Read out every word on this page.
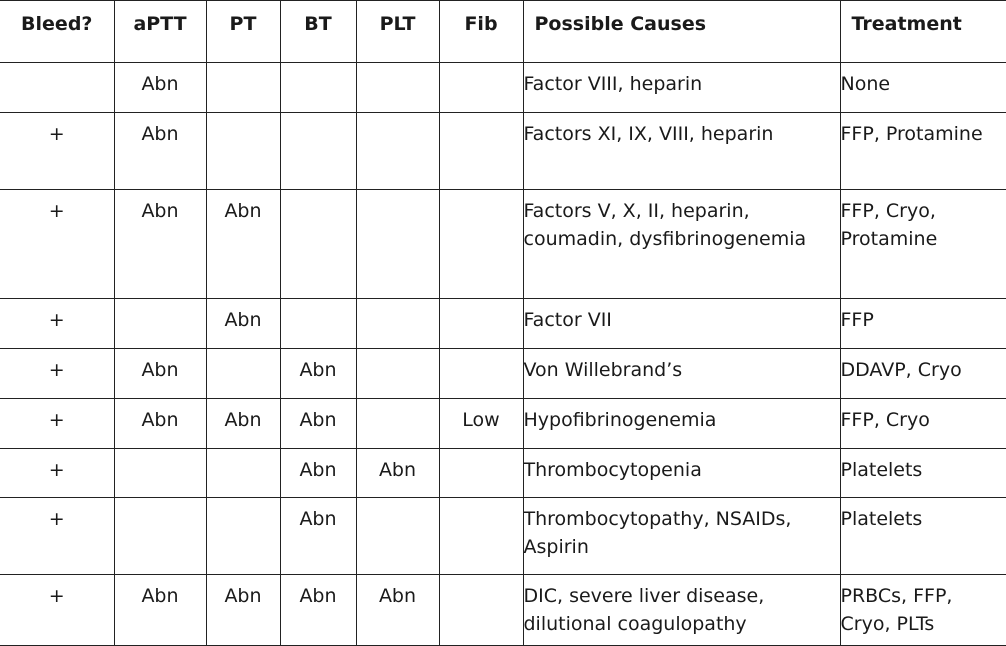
Bleed?	aPTT	PT	BT	PLT	Fib	Possible Causes	Treatment
	Abn					Factor VIII, heparin	None

+	Abn					Factors XI, IX, VIII, heparin	FFP, Protamine

+	Abn	Abn				Factors V, X, II, heparin,
coumadin, dysfibrinogenemia	FFP, Cryo,
Protamine

+		Abn				Factor VII	FFP

+	Abn		Abn			Von Willebrand’s	DDAVP, Cryo

+	Abn	Abn	Abn		Low	Hypofibrinogenemia	FFP, Cryo

+			Abn	Abn		Thrombocytopenia	Platelets

+			Abn			Thrombocytopathy, NSAIDs,
Aspirin	Platelets

+	Abn	Abn	Abn	Abn		DIC, severe liver disease,
dilutional coagulopathy	PRBCs, FFP,
Cryo, PLTs
